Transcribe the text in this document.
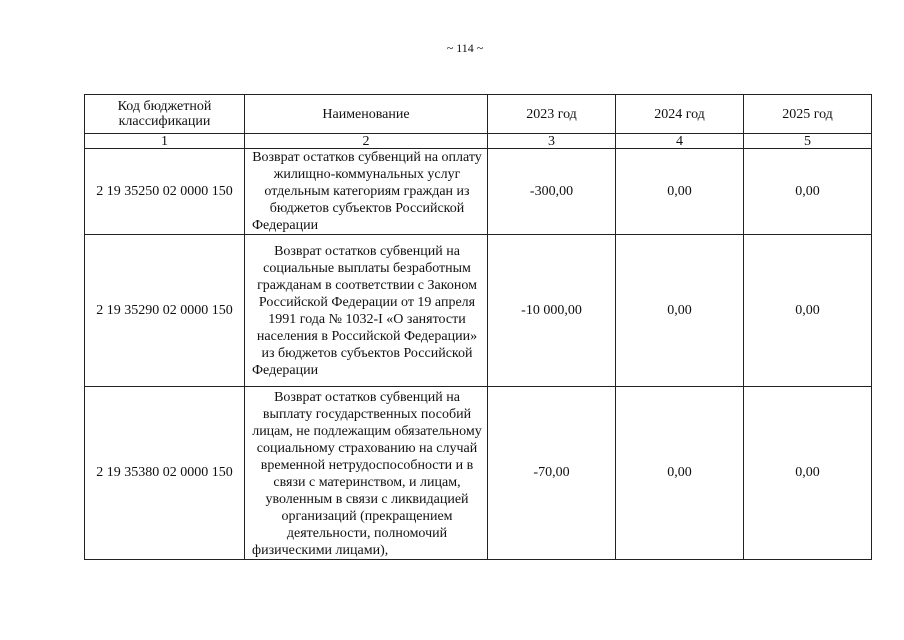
~ 114 ~
Код бюджетной классификации	Наименование	2023 год	2024 год	2025 год
1	2	3	4	5
2 19 35250 02 0000 150	Возврат остатков субвенций на оплату жилищно-коммунальных услуг отдельным категориям граждан из бюджетов субъектов Российской Федерации	-300,00	0,00	0,00
2 19 35290 02 0000 150	Возврат остатков субвенций на социальные выплаты безработным гражданам в соответствии с Законом Российской Федерации от 19 апреля 1991 года № 1032-I «О занятости населения в Российской Федерации» из бюджетов субъектов Российской Федерации	-10 000,00	0,00	0,00
2 19 35380 02 0000 150	Возврат остатков субвенций на выплату государственных пособий лицам, не подлежащим обязательному социальному страхованию на случай временной нетрудоспособности и в связи с материнством, и лицам, уволенным в связи с ликвидацией организаций (прекращением деятельности, полномочий физическими лицами),	-70,00	0,00	0,00
